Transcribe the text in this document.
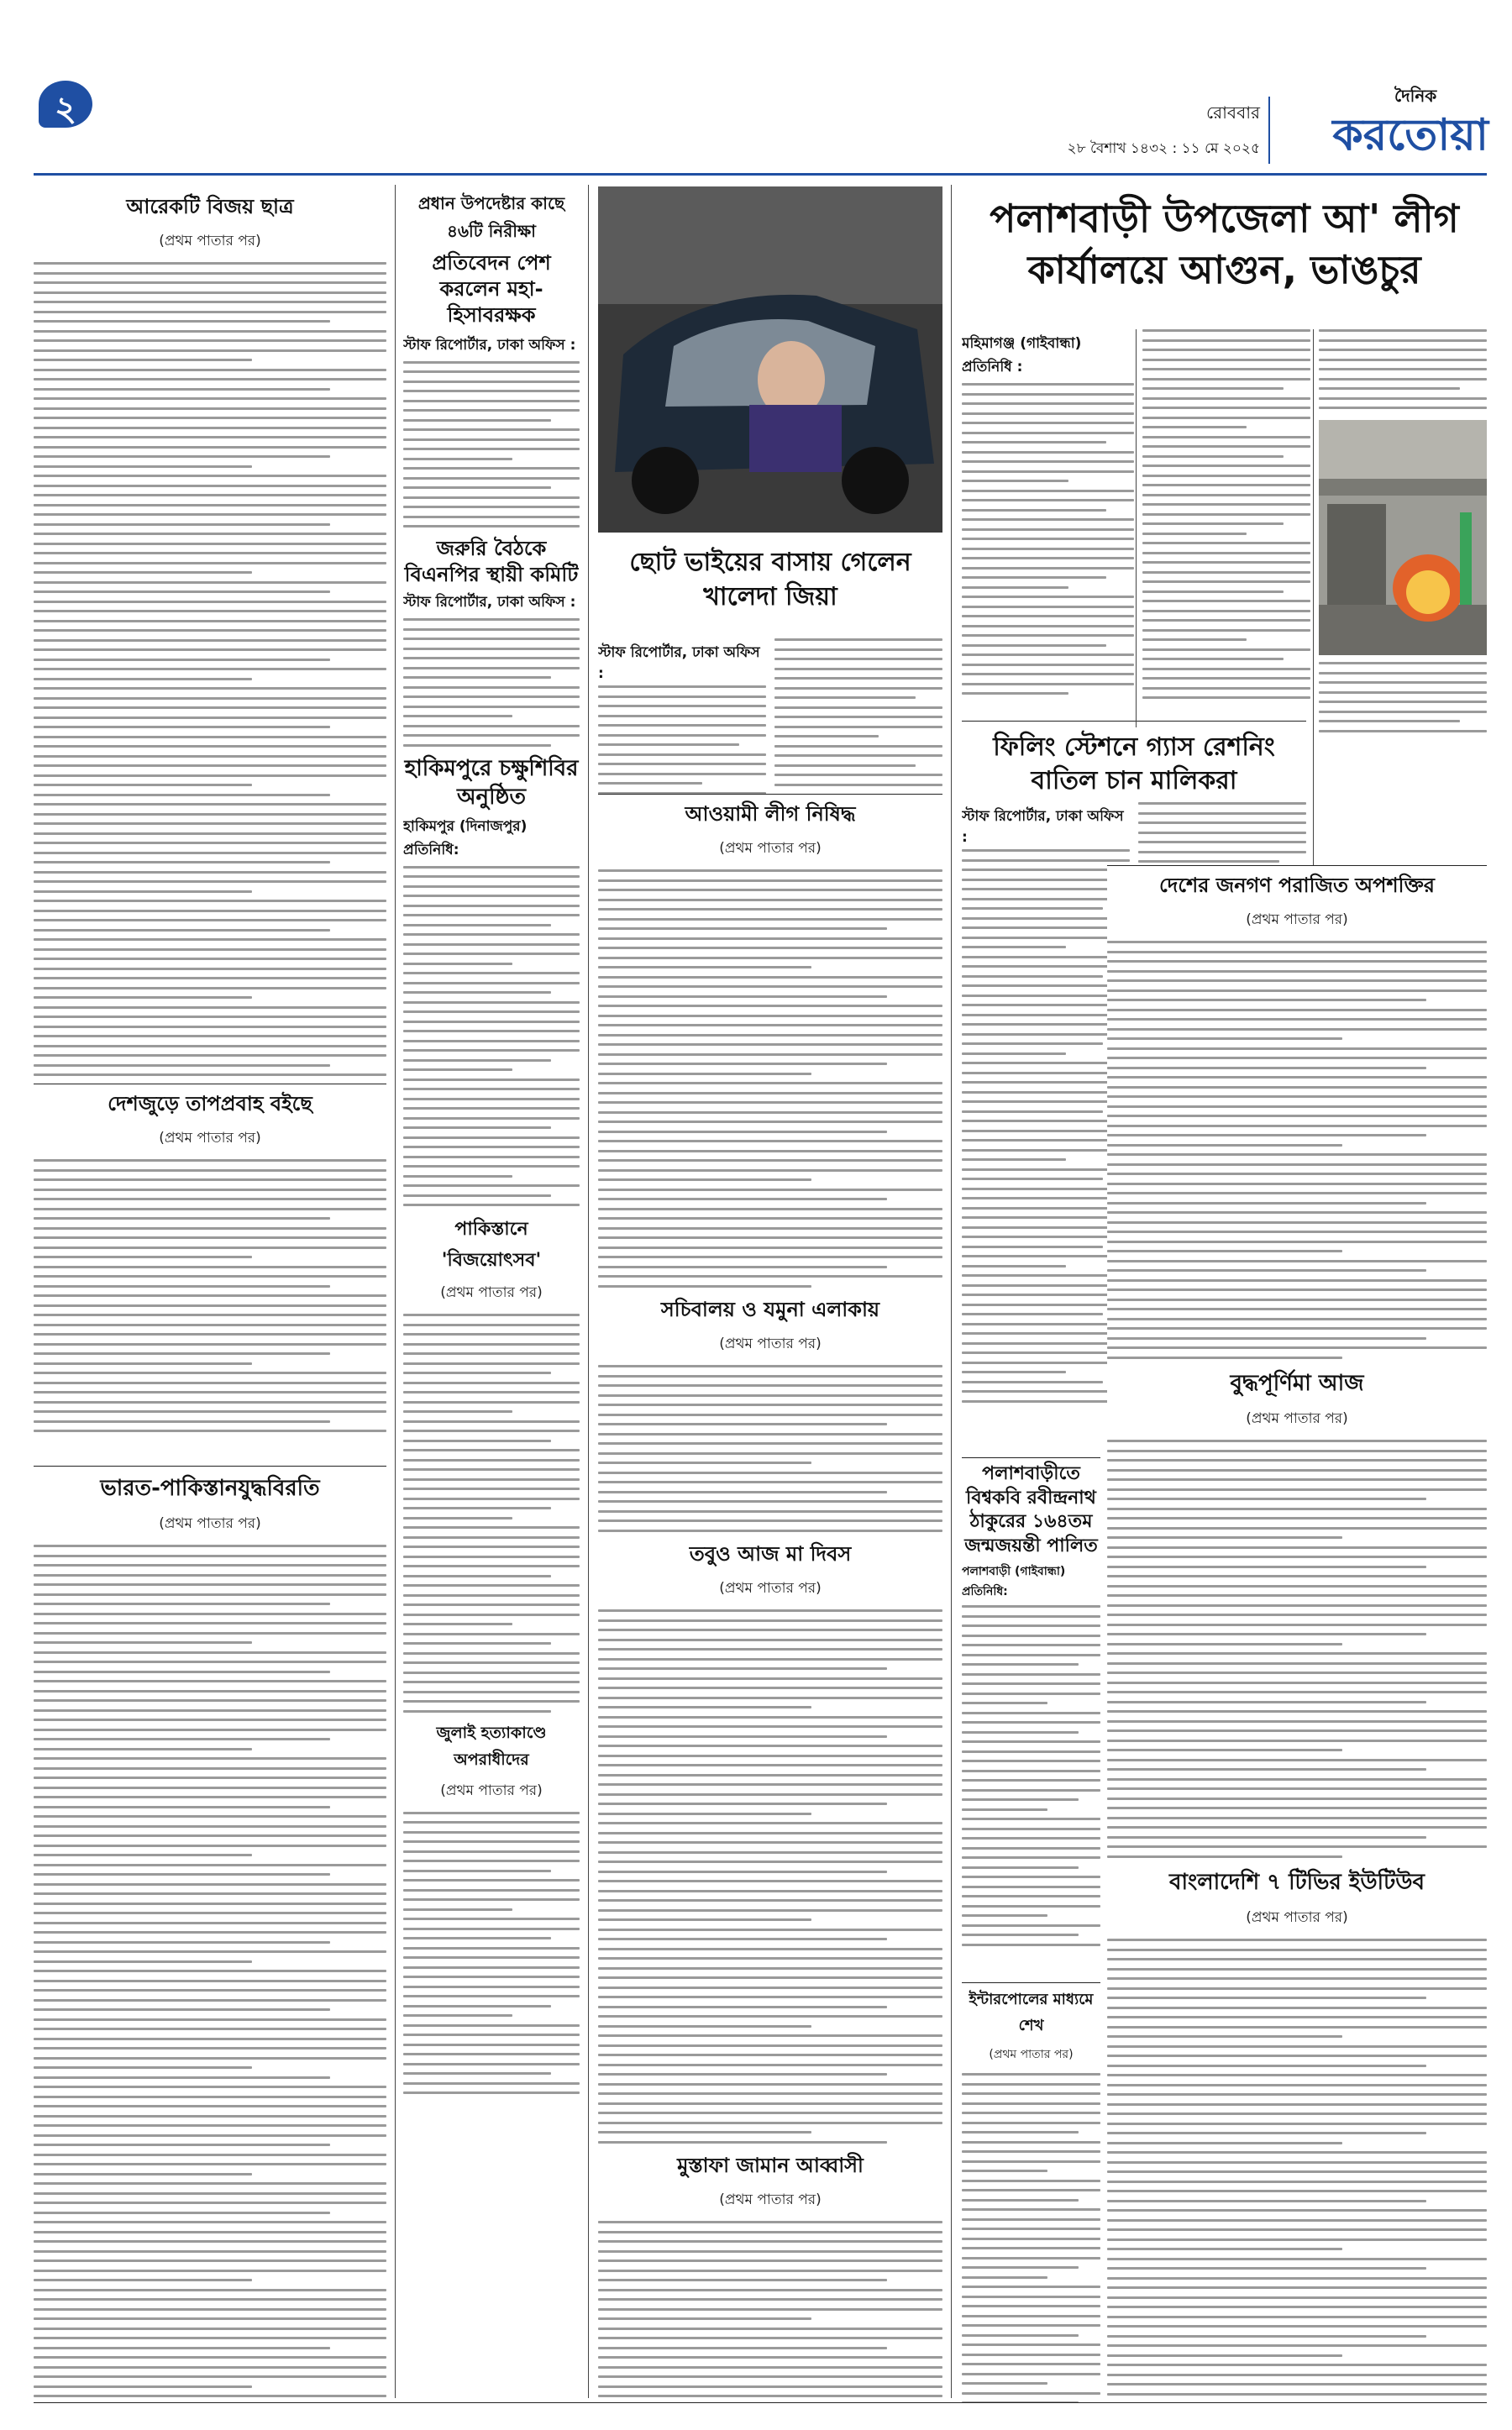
২	রোববার
২৮ বৈশাখ ১৪৩২ : ১১ মে ২০২৫
দৈনিক
করতোয়া
আরেকটি বিজয় ছাত্র
(প্রথম পাতার পর)
দেশজুড়ে তাপপ্রবাহ বইছে
(প্রথম পাতার পর)
ভারত-পাকিস্তানযুদ্ধবিরতি
(প্রথম পাতার পর)
প্রধান উপদেষ্টার কাছে
৪৬টি নিরীক্ষা
প্রতিবেদন পেশ করলেন মহা-হিসাবরক্ষক
স্টাফ রিপোর্টার, ঢাকা অফিস :
জরুরি বৈঠকে বিএনপির স্থায়ী কমিটি
স্টাফ রিপোর্টার, ঢাকা অফিস :
হাকিমপুরে চক্ষুশিবির অনুষ্ঠিত
হাকিমপুর (দিনাজপুর) প্রতিনিধি:
পাকিস্তানে 'বিজয়োৎসব'
(প্রথম পাতার পর)
জুলাই হত্যাকাণ্ডে অপরাধীদের
(প্রথম পাতার পর)
ছোট ভাইয়ের বাসায় গেলেন খালেদা জিয়া
স্টাফ রিপোর্টার, ঢাকা অফিস :
আওয়ামী লীগ নিষিদ্ধ
(প্রথম পাতার পর)
সচিবালয় ও যমুনা এলাকায়
(প্রথম পাতার পর)
তবুও আজ মা দিবস
(প্রথম পাতার পর)
মুস্তাফা জামান আব্বাসী
(প্রথম পাতার পর)
পলাশবাড়ী উপজেলা আ' লীগ কার্যালয়ে আগুন, ভাঙচুর
মহিমাগঞ্জ (গাইবান্ধা) প্রতিনিধি :
ফিলিং স্টেশনে গ্যাস রেশনিং বাতিল চান মালিকরা
স্টাফ রিপোর্টার, ঢাকা অফিস :
দেশের জনগণ পরাজিত অপশক্তির
(প্রথম পাতার পর)
বুদ্ধপূর্ণিমা আজ
(প্রথম পাতার পর)
বাংলাদেশি ৭ টিভির ইউটিউব
(প্রথম পাতার পর)
পলাশবাড়ীতে বিশ্বকবি রবীন্দ্রনাথ ঠাকুরের ১৬৪তম জন্মজয়ন্তী পালিত
পলাশবাড়ী (গাইবান্ধা) প্রতিনিধি:
ইন্টারপোলের মাধ্যমে শেখ
(প্রথম পাতার পর)
